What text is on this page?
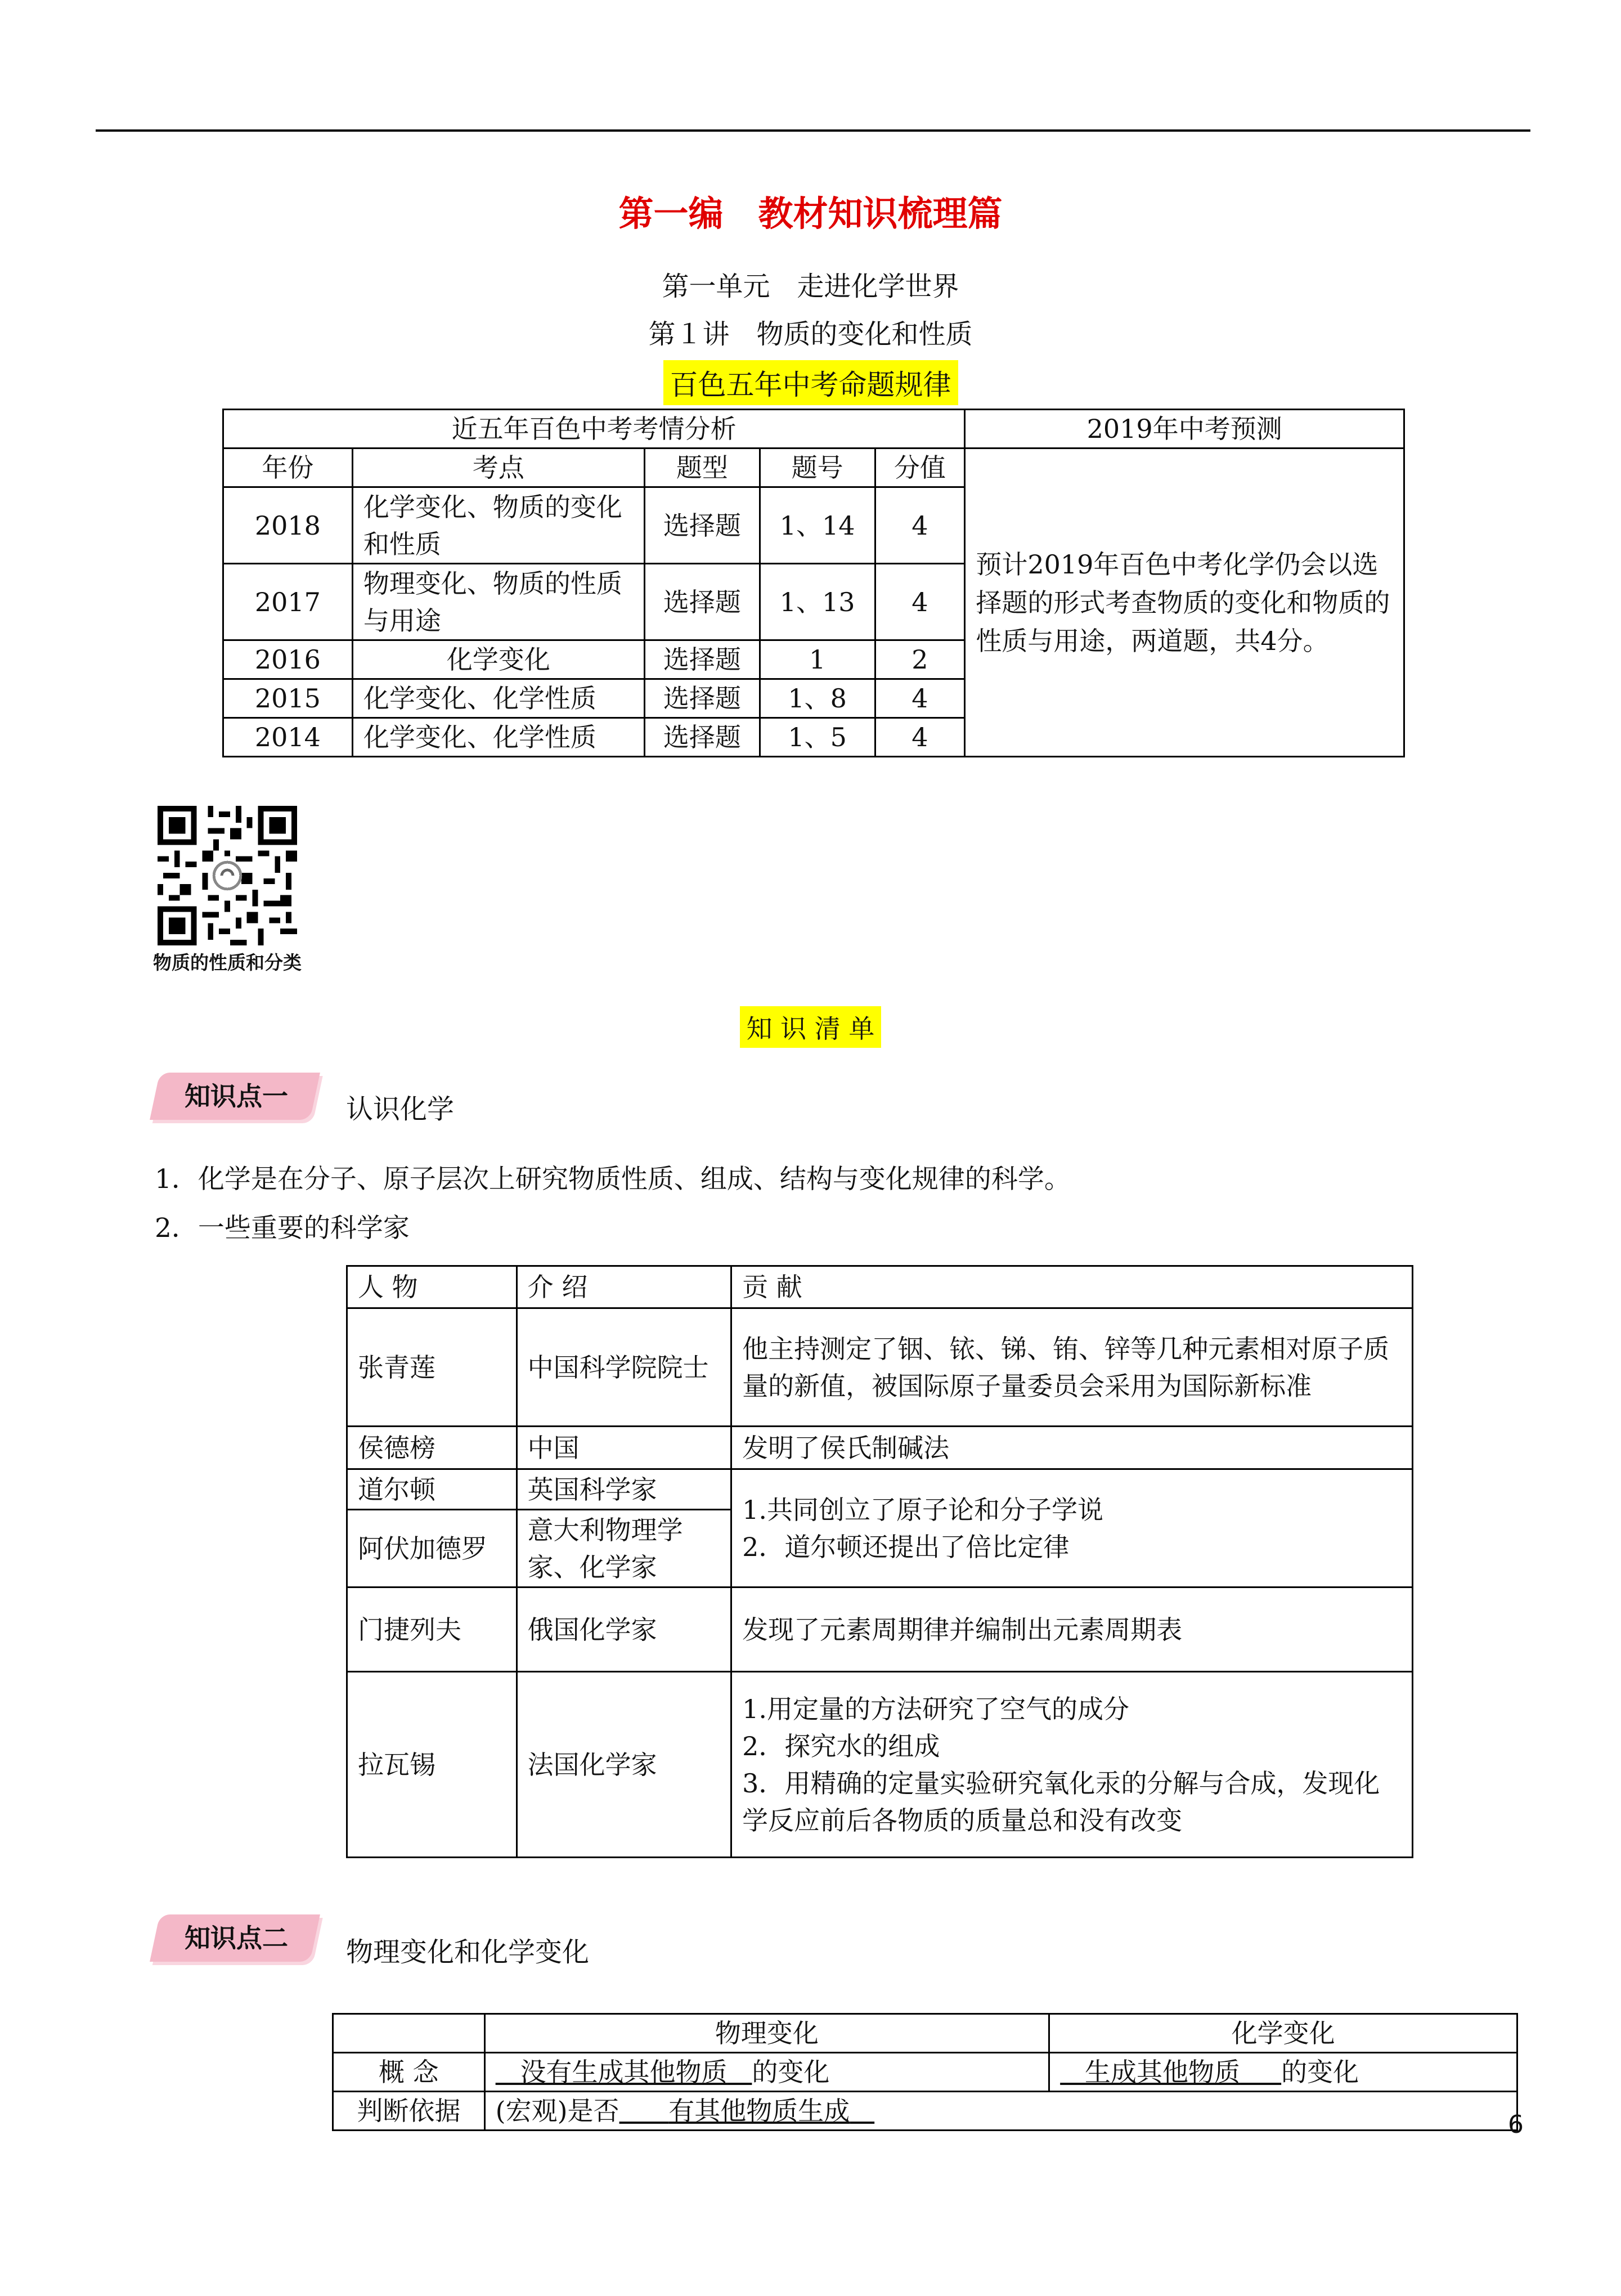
第一编　教材知识梳理篇
第一单元　走进化学世界
第１讲　物质的变化和性质
百色五年中考命题规律
近五年百色中考考情分析					2019年中考预测
年份	考点	题型	题号	分值	预计2019年百色中考化学仍会以选择题的形式考查物质的变化和物质的性质与用途，两道题，共4分。
2018	化学变化、物质的变化和性质	选择题	1、14	4	
2017	物理变化、物质的性质与用途	选择题	1、13	4	
2016	化学变化	选择题	1	2	
2015	化学变化、化学性质	选择题	1、8	4	
2014	化学变化、化学性质	选择题	1、5	4	
物质的性质和分类
知 识 清 单
知识点一	认识化学
1．化学是在分子、原子层次上研究物质性质、组成、结构与变化规律的科学。
2．一些重要的科学家
人 物	介 绍	贡 献
张青莲	中国科学院院士	他主持测定了铟、铱、锑、铕、锌等几种元素相对原子质量的新值，被国际原子量委员会采用为国际新标准
侯德榜	中国	发明了侯氏制碱法
道尔顿	英国科学家	1.共同创立了原子论和分子学说
2．道尔顿还提出了倍比定律

阿伏加德罗	意大利物理学家、化学家	
门捷列夫	俄国化学家	发现了元素周期律并编制出元素周期表
拉瓦锡	法国化学家	1.用定量的方法研究了空气的成分
2．探究水的组成
3．用精确的定量实验研究氧化汞的分解与合成，发现化学反应前后各物质的质量总和没有改变
知识点二	物理变化和化学变化
	物理变化	化学变化
概 念	没有生成其他物质 的变化	生成其他物质 的变化
判断依据	(宏观)是否 有其他物质生成		6
